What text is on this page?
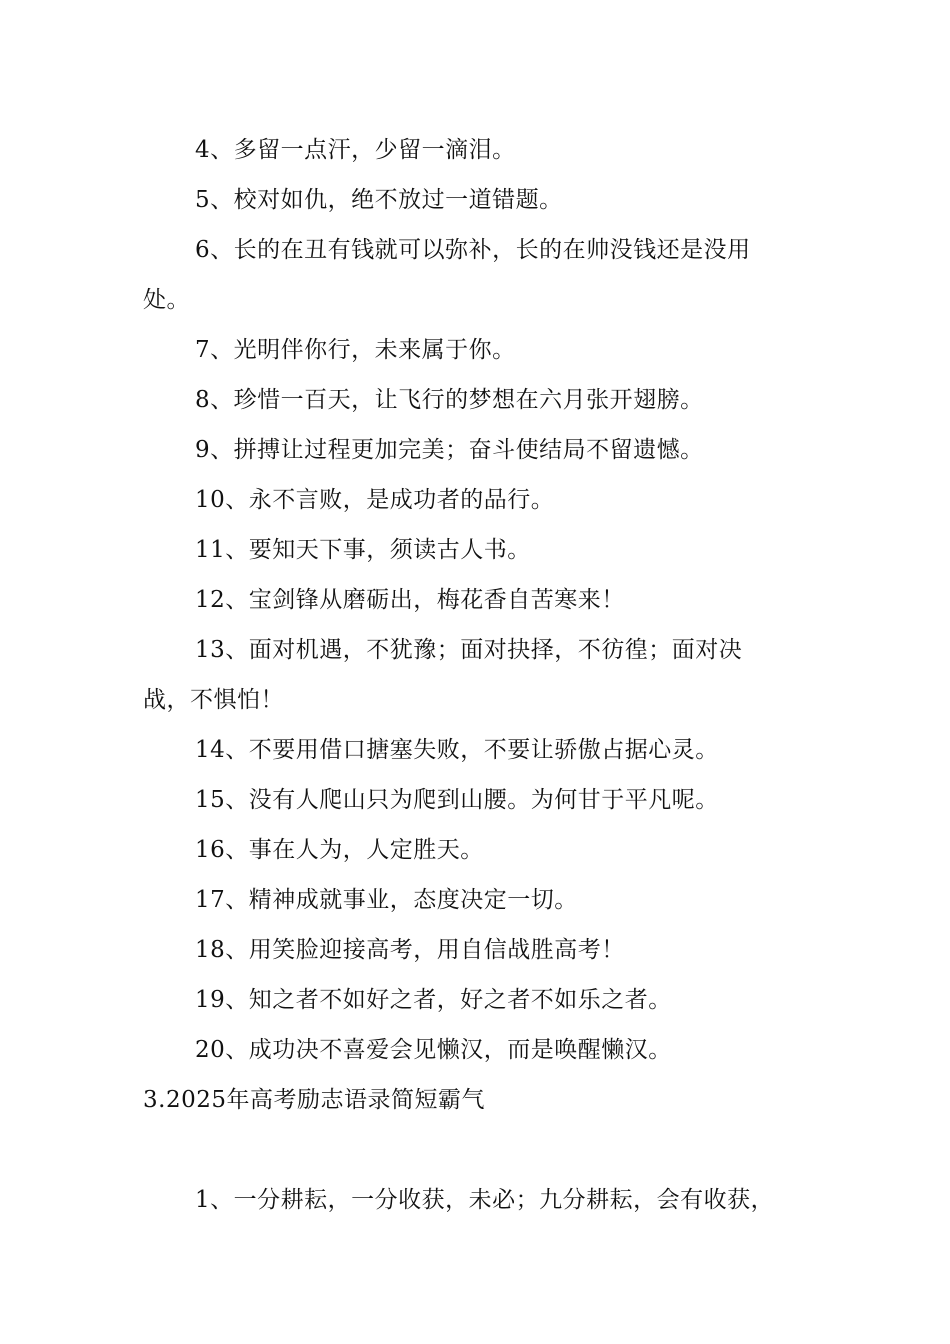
4、多留一点汗，少留一滴泪。
5、校对如仇，绝不放过一道错题。
6、长的在丑有钱就可以弥补，长的在帅没钱还是没用
处。
7、光明伴你行，未来属于你。
8、珍惜一百天，让飞行的梦想在六月张开翅膀。
9、拼搏让过程更加完美；奋斗使结局不留遗憾。
10、永不言败，是成功者的品行。
11、要知天下事，须读古人书。
12、宝剑锋从磨砺出，梅花香自苦寒来！
13、面对机遇，不犹豫；面对抉择，不彷徨；面对决
战，不惧怕！
14、不要用借口搪塞失败，不要让骄傲占据心灵。
15、没有人爬山只为爬到山腰。为何甘于平凡呢。
16、事在人为，人定胜天。
17、精神成就事业，态度决定一切。
18、用笑脸迎接高考，用自信战胜高考！
19、知之者不如好之者，好之者不如乐之者。
20、成功决不喜爱会见懒汉，而是唤醒懒汉。
3.2025年高考励志语录简短霸气
1、一分耕耘，一分收获，未必；九分耕耘，会有收获，
